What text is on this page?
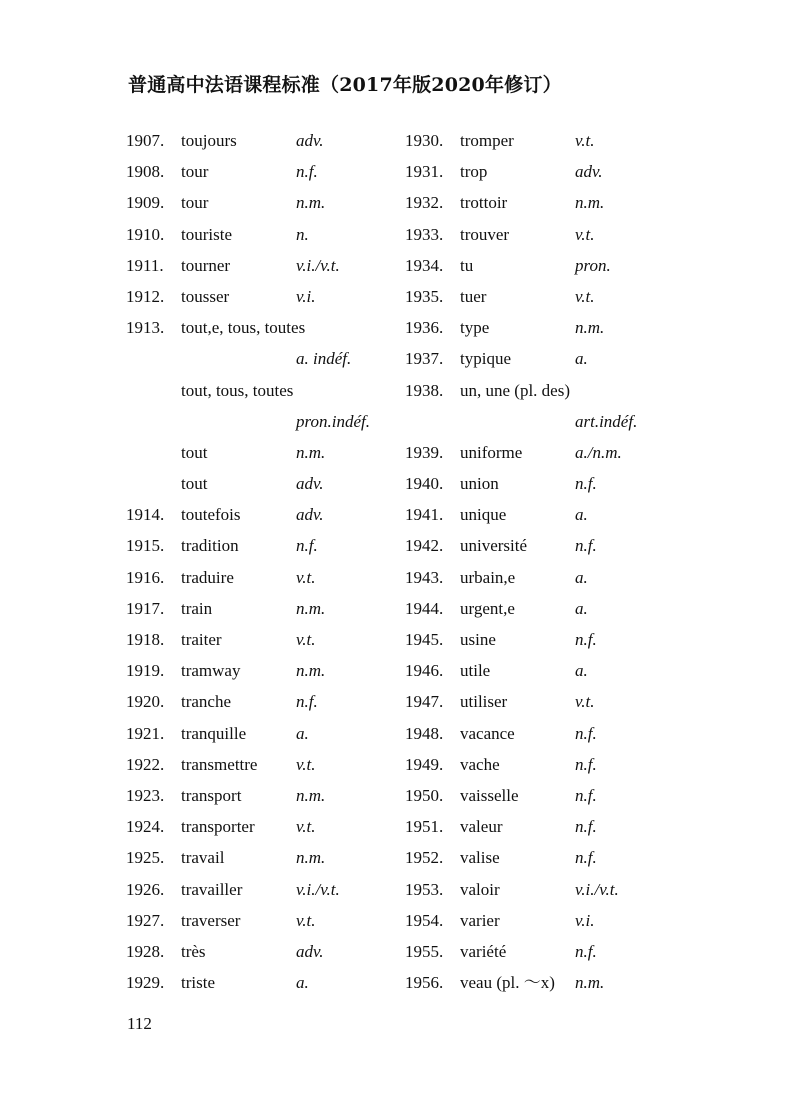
普通高中法语课程标准（2017年版2020年修订）
1907. toujours	adv.
1908. tour	n.f.
1909. tour	n.m.
1910. touriste	n.
1911. tourner	v.i./v.t.
1912. tousser	v.i.
1913. tout,e, tous, toutes
a. indéf.
tout, tous, toutes
pron.indéf.
tout	n.m.
tout	adv.
1914. toutefois	adv.
1915. tradition	n.f.
1916. traduire	v.t.
1917. train	n.m.
1918. traiter	v.t.
1919. tramway	n.m.
1920. tranche	n.f.
1921. tranquille	a.
1922. transmettre v.t.
1923. transport	n.m.
1924. transporter v.t.
1925. travail	n.m.
1926. travailler	v.i./v.t.
1927. traverser	v.t.
1928. très	adv.
1929. triste	a.
1930. tromper	v.t.
1931. trop	adv.
1932. trottoir	n.m.
1933. trouver	v.t.
1934. tu	pron.
1935. tuer	v.t.
1936. type	n.m.
1937. typique	a.
1938. un, une (pl. des)
art.indéf.
1939. uniforme	a./n.m.
1940. union	n.f.
1941. unique	a.
1942. université	n.f.
1943. urbain,e	a.
1944. urgent,e	a.
1945. usine	n.f.
1946. utile	a.
1947. utiliser	v.t.
1948. vacance	n.f.
1949. vache	n.f.
1950. vaisselle	n.f.
1951. valeur	n.f.
1952. valise	n.f.
1953. valoir	v.i./v.t.
1954. varier	v.i.
1955. variété	n.f.
1956. veau (pl. ～x) n.m.
112
